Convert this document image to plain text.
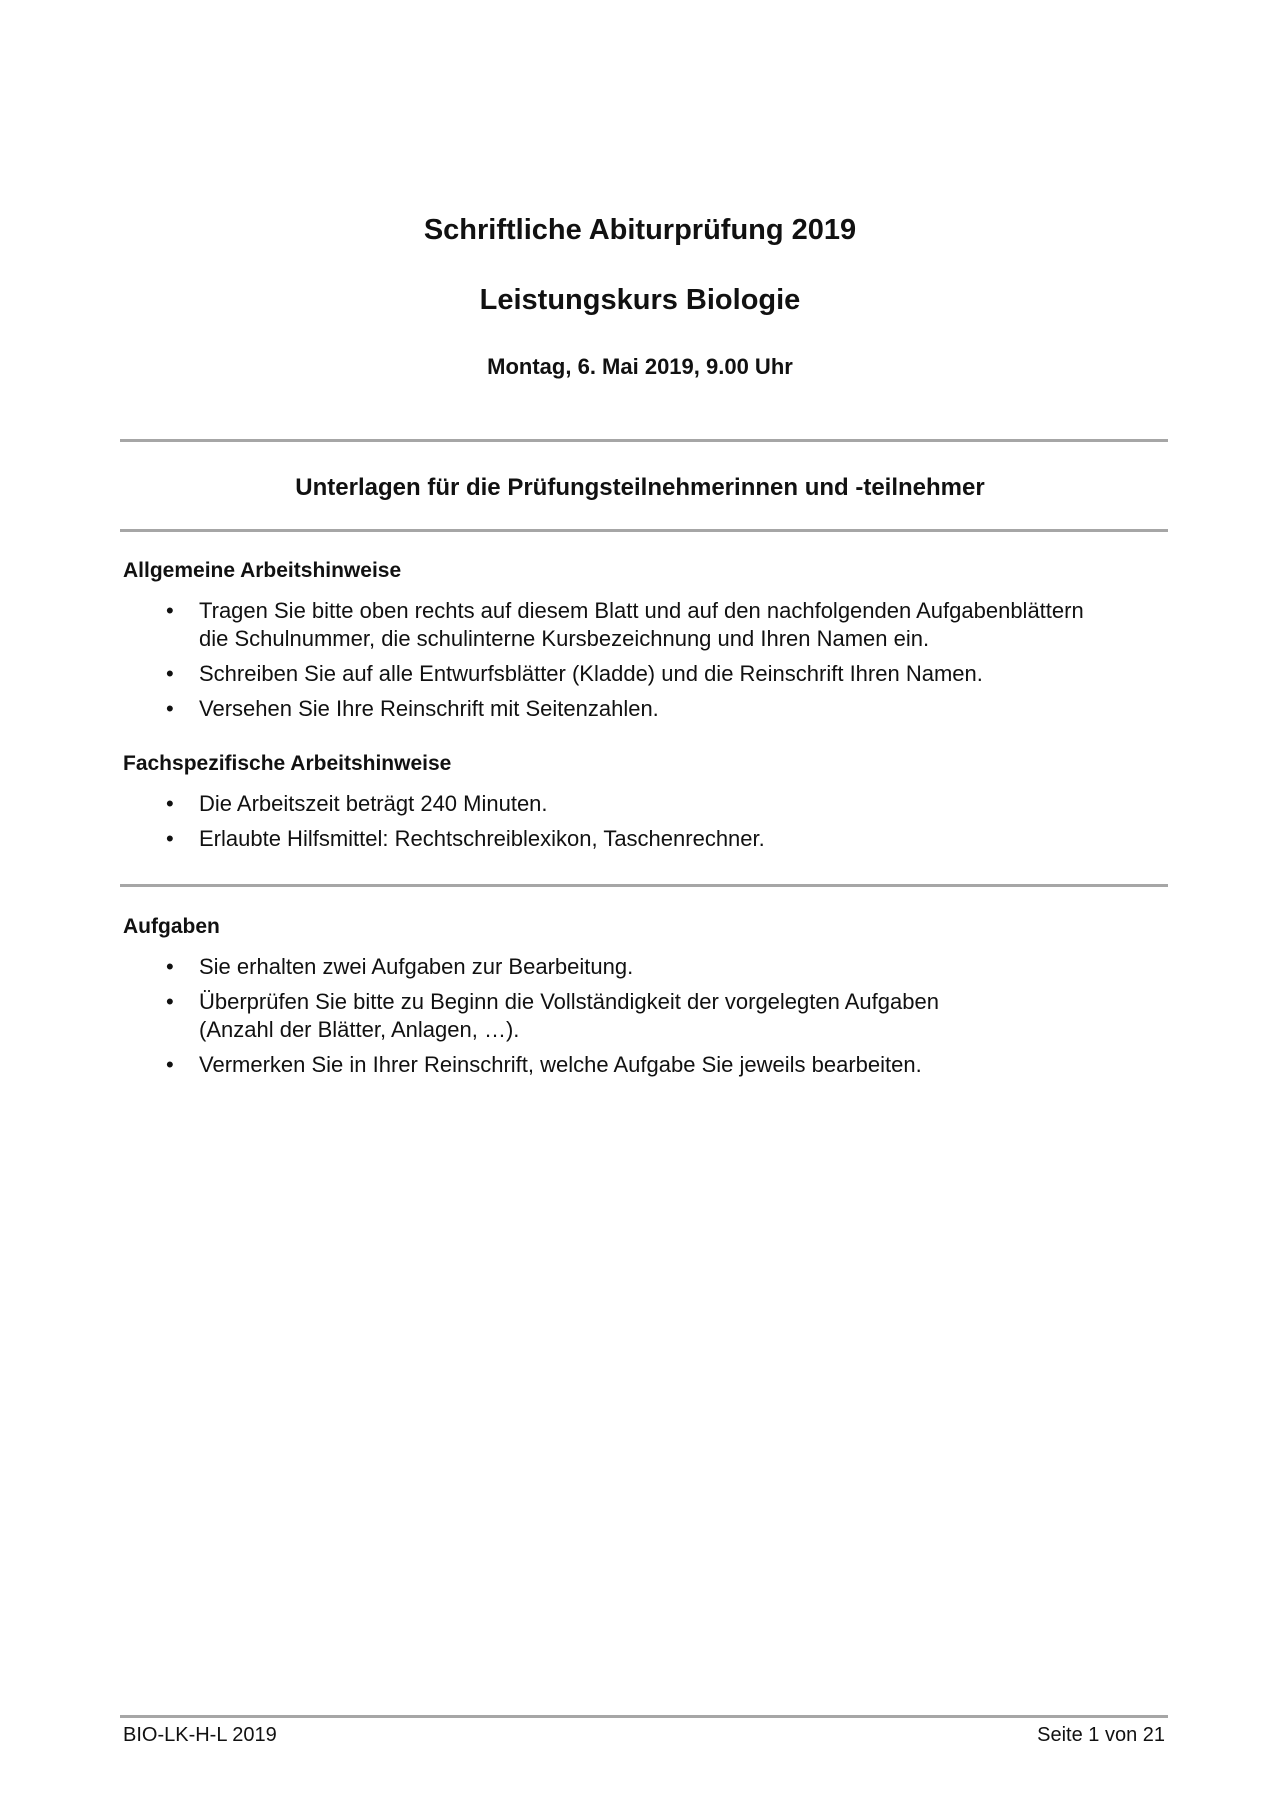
Schriftliche Abiturprüfung 2019
Leistungskurs Biologie
Montag, 6. Mai 2019, 9.00 Uhr
Unterlagen für die Prüfungsteilnehmerinnen und -teilnehmer
Allgemeine Arbeitshinweise
• Tragen Sie bitte oben rechts auf diesem Blatt und auf den nachfolgenden Aufgabenblättern
die Schulnummer, die schulinterne Kursbezeichnung und Ihren Namen ein.
• Schreiben Sie auf alle Entwurfsblätter (Kladde) und die Reinschrift Ihren Namen.
• Versehen Sie Ihre Reinschrift mit Seitenzahlen.
Fachspezifische Arbeitshinweise
• Die Arbeitszeit beträgt 240 Minuten.
• Erlaubte Hilfsmittel: Rechtschreiblexikon, Taschenrechner.
Aufgaben
• Sie erhalten zwei Aufgaben zur Bearbeitung.
• Überprüfen Sie bitte zu Beginn die Vollständigkeit der vorgelegten Aufgaben
(Anzahl der Blätter, Anlagen, …).
• Vermerken Sie in Ihrer Reinschrift, welche Aufgabe Sie jeweils bearbeiten.
BIO-LK-H-L 2019	Seite 1 von 21
